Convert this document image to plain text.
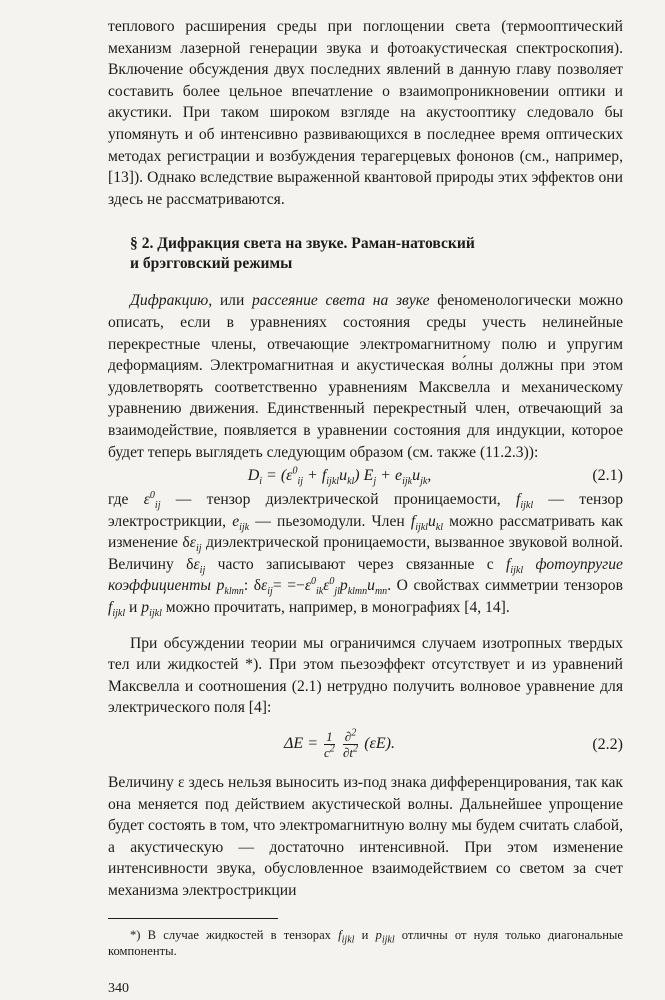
теплового расширения среды при поглощении света (термооптический механизм лазерной генерации звука и фотоакустическая спектроскопия). Включение обсуждения двух последних явлений в данную главу позволяет составить более цельное впечатление о взаимопроникновении оптики и акустики. При таком широком взгляде на акустооптику следовало бы упомянуть и об интенсивно развивающихся в последнее время оптических методах регистрации и возбуждения терагерцевых фононов (см., например, [13]). Однако вследствие выраженной квантовой природы этих эффектов они здесь не рассматриваются.

§ 2. Дифракция света на звуке. Раман-натовский
и брэгговский режимы

Дифракцию, или рассеяние света на звуке феноменологически можно описать, если в уравнениях состояния среды учесть нелинейные перекрестные члены, отвечающие электромагнитному полю и упругим деформациям. Электромагнитная и акустическая во́лны должны при этом удовлетворять соответственно уравнениям Максвелла и механическому уравнению движения. Единственный перекрестный член, отвечающий за взаимодействие, появляется в уравнении состояния для индукции, которое будет теперь выглядеть следующим образом (см. также (11.2.3)):

$D_i = (\varepsilon^0_{ij} + f_{ijkl}u_{kl}) E_j + e_{ijk}u_{jk}$,	(2.1)

где $\varepsilon^0_{ij}$ — тензор диэлектрической проницаемости, $f_{ijkl}$ — тензор электрострикции, $e_{ijk}$ — пьезомодули. Член $f_{ijkl}u_{kl}$ можно рассматривать как изменение $\delta\varepsilon_{ij}$ диэлектрической проницаемости, вызванное звуковой волной. Величину $\delta\varepsilon_{ij}$ часто записывают через связанные с $f_{ijkl}$ фотоупругие коэффициенты $p_{klmn}$: $\delta\varepsilon_{ij}= =-\varepsilon^0_{ik}\varepsilon^0_{jl}p_{klmn}u_{mn}$. О свойствах симметрии тензоров $f_{ijkl}$ и $p_{ijkl}$ можно прочитать, например, в монографиях [4, 14].

При обсуждении теории мы ограничимся случаем изотропных твердых тел или жидкостей *). При этом пьезоэффект отсутствует и из уравнений Максвелла и соотношения (2.1) нетрудно получить волновое уравнение для электрического поля [4]:

$\Delta E = \frac{1}{c^2}$
$\frac{\partial^2}{\partial t^2} (\varepsilon E)$.	(2.2)

Величину ε здесь нельзя выносить из-под знака дифференцирования, так как она меняется под действием акустической волны. Дальнейшее упрощение будет состоять в том, что электромагнитную волну мы будем считать слабой, а акустическую — достаточно интенсивной. При этом изменение интенсивности звука, обусловленное взаимодействием со светом за счет механизма электрострикции

*) В случае жидкостей в тензорах $f_{ijkl}$ и $p_{ijkl}$ отличны от нуля только диагональные компоненты.

340
